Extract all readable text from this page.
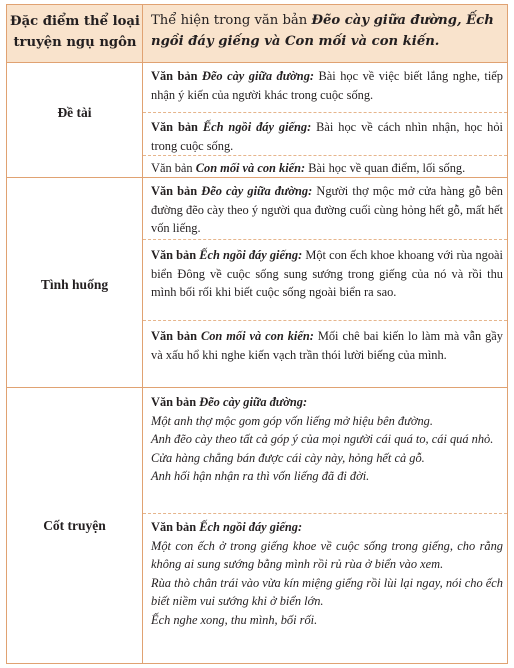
Đặc điểm thể loại truyện ngụ ngôn
Thể hiện trong văn bản Đẽo cày giữa đường, Ếch ngồi đáy giếng và Con mối và con kiến.
Đề tài
Văn bản Đẽo cày giữa đường: Bài học về việc biết lắng nghe, tiếp nhận ý kiến của người khác trong cuộc sống.
Văn bản Ếch ngồi đáy giếng: Bài học về cách nhìn nhận, học hỏi trong cuộc sống.
Văn bản Con mối và con kiến: Bài học về quan điểm, lối sống.
Tình huống
Văn bản Đẽo cày giữa đường: Người thợ mộc mở cửa hàng gỗ bên đường đẽo cày theo ý người qua đường cuối cùng hỏng hết gỗ, mất hết vốn liếng.
Văn bản Ếch ngồi đáy giếng: Một con ếch khoe khoang với rùa ngoài biển Đông về cuộc sống sung sướng trong giếng của nó và rồi thu mình bối rối khi biết cuộc sống ngoài biển ra sao.
Văn bản Con mối và con kiến: Mối chê bai kiến lo làm mà vẫn gầy và xấu hổ khi nghe kiến vạch trần thói lười biếng của mình.
Cốt truyện
Văn bản Đẽo cày giữa đường:
Một anh thợ mộc gom góp vốn liếng mở hiệu bên đường.
Anh đẽo cày theo tất cả góp ý của mọi người cái quá to, cái quá nhỏ.
Cửa hàng chẳng bán được cái cày này, hỏng hết cả gỗ.
Anh hối hận nhận ra thì vốn liếng đã đi đời.
Văn bản Ếch ngồi đáy giếng:
Một con ếch ở trong giếng khoe về cuộc sống trong giếng, cho rằng không ai sung sướng bằng mình rồi rủ rùa ở biển vào xem.
Rùa thò chân trái vào vừa kín miệng giếng rồi lùi lại ngay, nói cho ếch biết niềm vui sướng khi ở biển lớn.
Ếch nghe xong, thu mình, bối rối.
